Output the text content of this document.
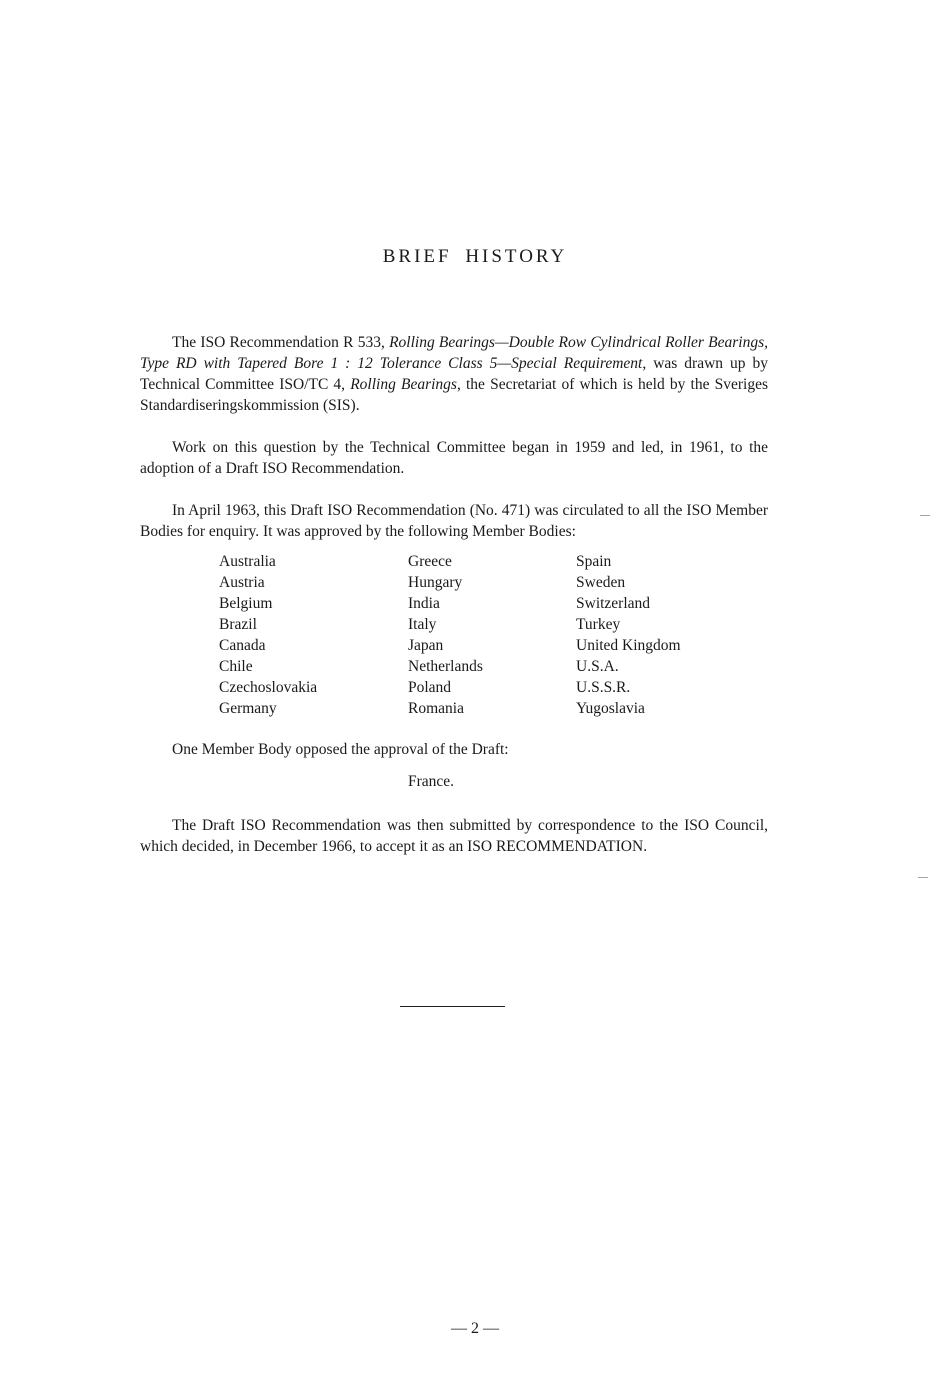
BRIEF HISTORY
The ISO Recommendation R 533, Rolling Bearings—Double Row Cylindrical Roller Bearings, Type RD with Tapered Bore 1 : 12 Tolerance Class 5—Special Requirement, was drawn up by Technical Committee ISO/TC 4, Rolling Bearings, the Secretariat of which is held by the Sveriges Standardiseringskommission (SIS).
Work on this question by the Technical Committee began in 1959 and led, in 1961, to the adoption of a Draft ISO Recommendation.
In April 1963, this Draft ISO Recommendation (No. 471) was circulated to all the ISO Member Bodies for enquiry. It was approved by the following Member Bodies:
Australia
Austria
Belgium
Brazil
Canada
Chile
Czechoslovakia
Germany
Greece
Hungary
India
Italy
Japan
Netherlands
Poland
Romania
Spain
Sweden
Switzerland
Turkey
United Kingdom
U.S.A.
U.S.S.R.
Yugoslavia
One Member Body opposed the approval of the Draft:
France.
The Draft ISO Recommendation was then submitted by correspondence to the ISO Council, which decided, in December 1966, to accept it as an ISO RECOMMENDATION.
— 2 —
—
—
